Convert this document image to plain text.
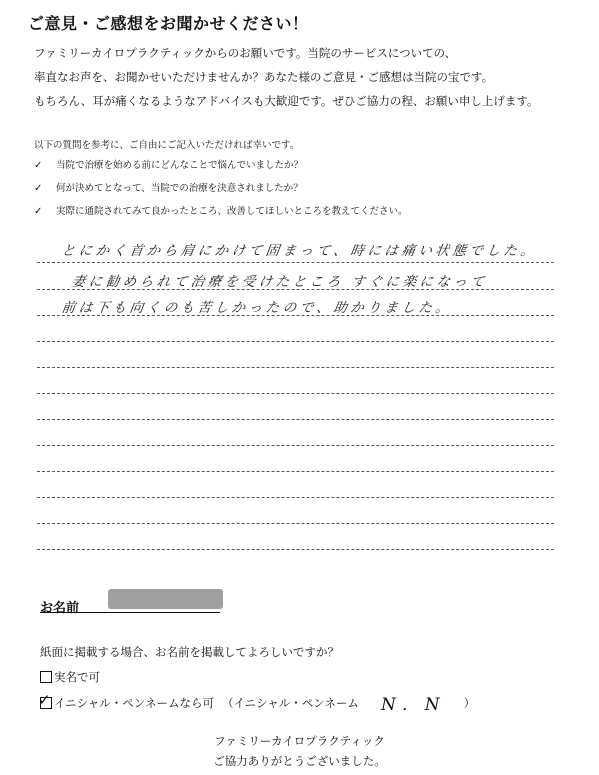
ご意見・ご感想をお聞かせください！
ファミリーカイロプラクティックからのお願いです。当院のサービスについての、
率直なお声を、お聞かせいただけませんか？あなた様のご意見・ご感想は当院の宝です。
もちろん、耳が痛くなるようなアドバイスも大歓迎です。ぜひご協力の程、お願い申し上げます。
以下の質問を参考に、ご自由にご記入いただければ幸いです。
✓ 当院で治療を始める前にどんなことで悩んでいましたか？
✓ 何が決めてとなって、当院での治療を決意されましたか？
✓ 実際に通院されてみて良かったところ、改善してほしいところを教えてください。
とにかく首から肩にかけて固まって、時には痛い状態でした。
妻に勧められて治療を受けたところ すぐに楽になって
前は下も向くのも苦しかったので、助かりました。
お名前
紙面に掲載する場合、お名前を掲載してよろしいですか？
実名で可
✓ イニシャル・ペンネームなら可 （イニシャル・ペンネーム N．N ）
ファミリーカイロプラクティック
ご協力ありがとうございました。
